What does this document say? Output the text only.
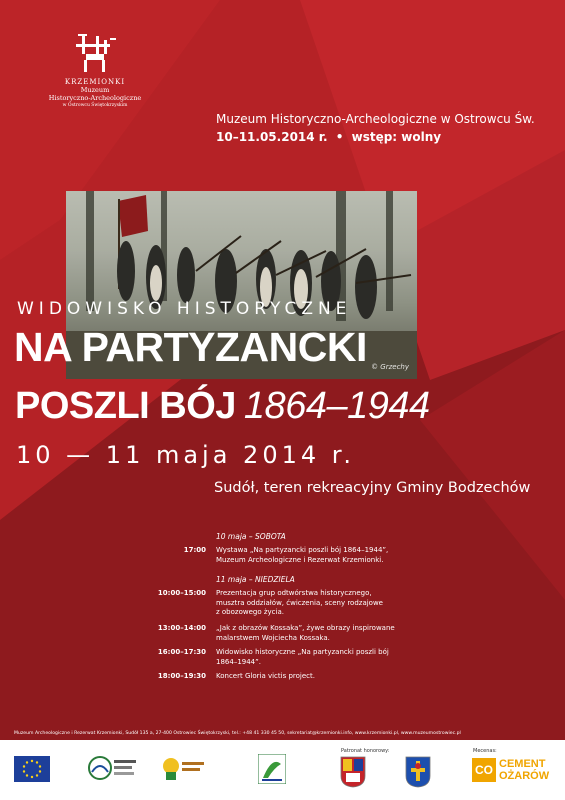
KRZEMIONKI
Muzeum
Historyczno-Archeologiczne
w Ostrowcu Świętokrzyskim
Muzeum Historyczno-Archeologiczne w Ostrowcu Św.
10–11.05.2014 r. • wstęp: wolny
© Grzechy
WIDOWISKO HISTORYCZNE
NA PARTYZANCKI
POSZLI BÓJ 1864–1944
10 — 11 maja 2014 r.
Sudół, teren rekreacyjny Gminy Bodzechów
10 maja – SOBOTA
17:00 Wystawa „Na partyzancki poszli bój 1864–1944”,
Muzeum Archeologiczne i Rezerwat Krzemionki.
11 maja – NIEDZIELA
10:00–15:00 Prezentacja grup odtwórstwa historycznego,
musztra oddziałów, ćwiczenia, sceny rodzajowe
z obozowego życia.
13:00–14:00 „Jak z obrazów Kossaka”, żywe obrazy inspirowane
malarstwem Wojciecha Kossaka.
16:00–17:30 Widowisko historyczne „Na partyzancki poszli bój
1864–1944”.
18:00–19:30 Koncert Gloria victis project.
Muzeum Archeologiczne i Rezerwat Krzemionki, Sudół 135 a, 27-400 Ostrowiec Świętokrzyski, tel.: +48 41 330 45 50, sekretariat@krzemionki.info, www.krzemionki.pl, www.muzeumostrowiec.pl
Patronat honorowy:	Mecenas:
CO CEMENT
OŻARÓW
